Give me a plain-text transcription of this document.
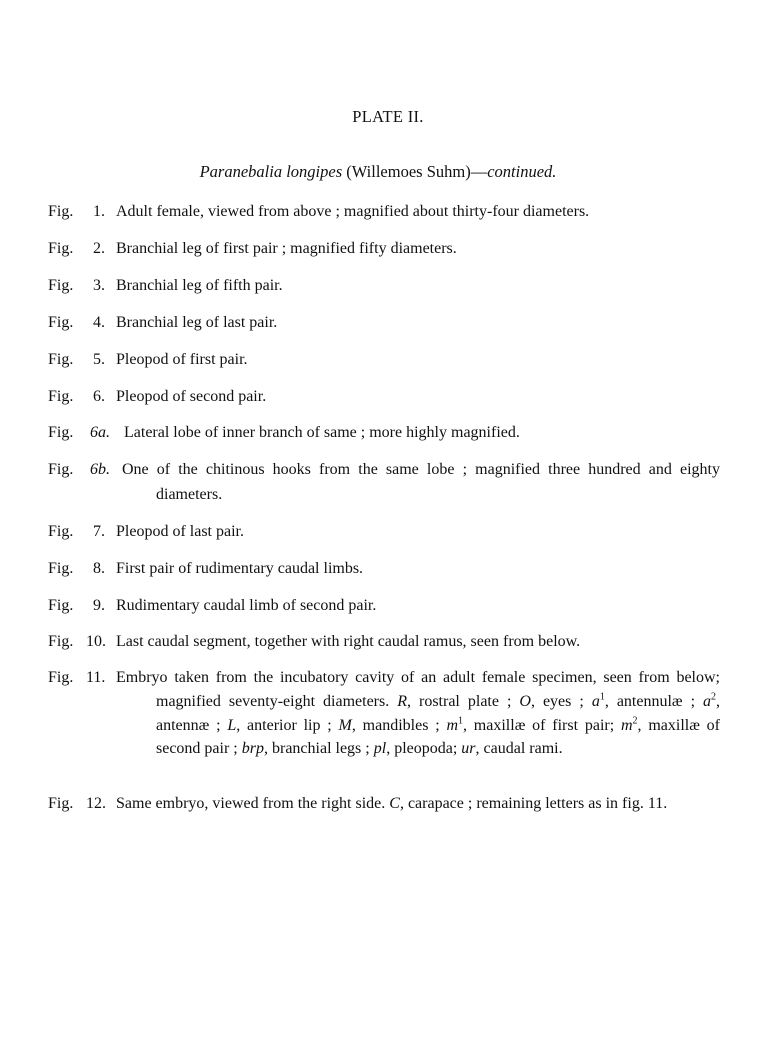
PLATE II.
Paranebalia longipes (Willemoes Suhm)—continued.
Fig. 1. Adult female, viewed from above ; magnified about thirty-four diameters.
Fig. 2. Branchial leg of first pair ; magnified fifty diameters.
Fig. 3. Branchial leg of fifth pair.
Fig. 4. Branchial leg of last pair.
Fig. 5. Pleopod of first pair.
Fig. 6. Pleopod of second pair.
Fig. 6a. Lateral lobe of inner branch of same ; more highly magnified.
Fig. 6b. One of the chitinous hooks from the same lobe ; magnified three hundred and eighty diameters.
Fig. 7. Pleopod of last pair.
Fig. 8. First pair of rudimentary caudal limbs.
Fig. 9. Rudimentary caudal limb of second pair.
Fig. 10. Last caudal segment, together with right caudal ramus, seen from below.
Fig. 11. Embryo taken from the incubatory cavity of an adult female specimen, seen from below; magnified seventy-eight diameters. R, rostral plate ; O, eyes ; $a^1$, antennulæ ; $a^2$, antennæ ; L, anterior lip ; M, mandibles ; $m^1$, maxillæ of first pair; $m^2$, maxillæ of second pair ; brp, branchial legs ; pl, pleopoda; ur, caudal rami.
Fig. 12. Same embryo, viewed from the right side. C, carapace ; remaining letters as in fig. 11.
